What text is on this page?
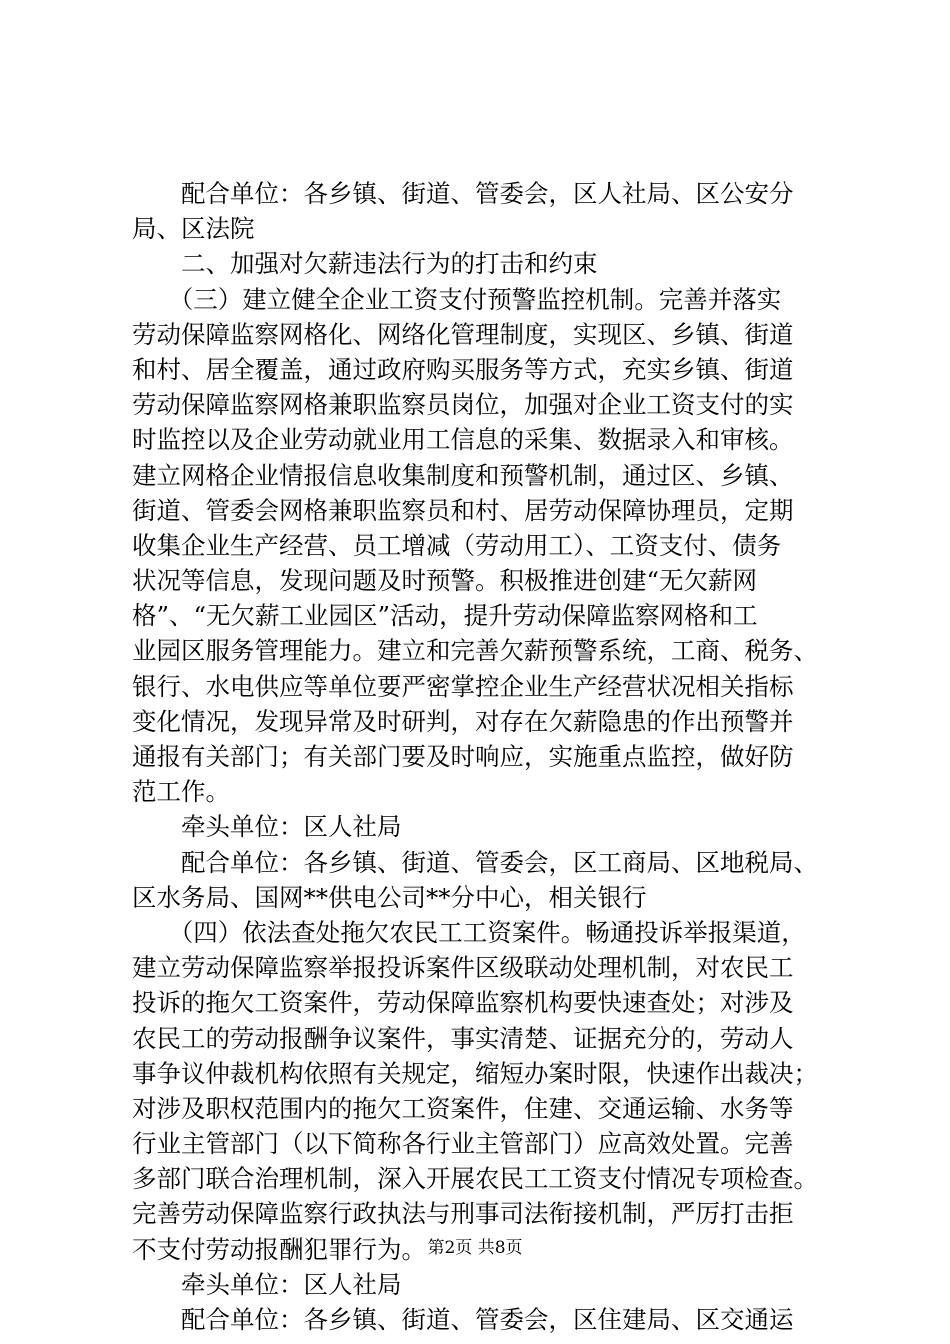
　　配合单位：各乡镇、街道、管委会，区人社局、区公安分
局、区法院
　　二、加强对欠薪违法行为的打击和约束
　　（三）建立健全企业工资支付预警监控机制。完善并落实
劳动保障监察网格化、网络化管理制度，实现区、乡镇、街道
和村、居全覆盖，通过政府购买服务等方式，充实乡镇、街道
劳动保障监察网格兼职监察员岗位，加强对企业工资支付的实
时监控以及企业劳动就业用工信息的采集、数据录入和审核。
建立网格企业情报信息收集制度和预警机制，通过区、乡镇、
街道、管委会网格兼职监察员和村、居劳动保障协理员，定期
收集企业生产经营、员工增减（劳动用工）、工资支付、债务
状况等信息，发现问题及时预警。积极推进创建“无欠薪网
格”、“无欠薪工业园区”活动，提升劳动保障监察网格和工
业园区服务管理能力。建立和完善欠薪预警系统，工商、税务、
银行、水电供应等单位要严密掌控企业生产经营状况相关指标
变化情况，发现异常及时研判，对存在欠薪隐患的作出预警并
通报有关部门；有关部门要及时响应，实施重点监控，做好防
范工作。
　　牵头单位：区人社局
　　配合单位：各乡镇、街道、管委会，区工商局、区地税局、
区水务局、国网**供电公司**分中心，相关银行
　　（四）依法查处拖欠农民工工资案件。畅通投诉举报渠道，
建立劳动保障监察举报投诉案件区级联动处理机制，对农民工
投诉的拖欠工资案件，劳动保障监察机构要快速查处；对涉及
农民工的劳动报酬争议案件，事实清楚、证据充分的，劳动人
事争议仲裁机构依照有关规定，缩短办案时限，快速作出裁决；
对涉及职权范围内的拖欠工资案件，住建、交通运输、水务等
行业主管部门（以下简称各行业主管部门）应高效处置。完善
多部门联合治理机制，深入开展农民工工资支付情况专项检查。
完善劳动保障监察行政执法与刑事司法衔接机制，严厉打击拒
不支付劳动报酬犯罪行为。
　　牵头单位：区人社局
　　配合单位：各乡镇、街道、管委会，区住建局、区交通运
第2页 共8页
